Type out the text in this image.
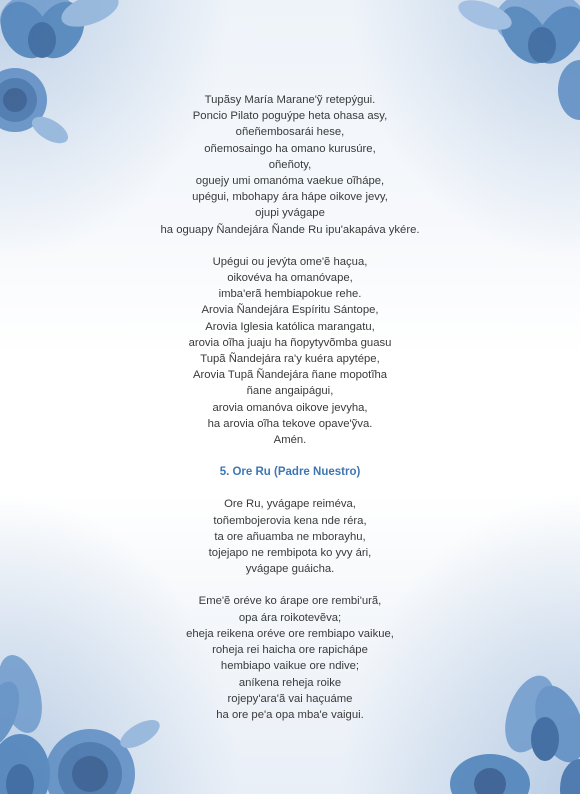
Tupãsy María Marane'ỹ retepýgui.
Poncio Pilato poguýpe heta ohasa asy,
oñeñembosarái hese,
oñemosaingo ha omano kurusúre,
oñeñoty,
oguejy umi omanóma vaekue oĩhápe,
upégui, mbohapy ára hápe oikove jevy,
ojupi yvágape
ha oguapy Ñandejára Ñande Ru ipu'akapáva ykére.
Upégui ou jevýta ome'ẽ haçua,
oikovéva ha omanóvape,
imba'erã hembiapokue rehe.
Arovia Ñandejára Espíritu Sántope,
Arovia Iglesia katólica marangatu,
arovia oĩha juaju ha ñopytyvõmba guasu
Tupã Ñandejára ra'y kuéra apytépe,
Arovia Tupã Ñandejára ñane mopotĩha
ñane angaipágui,
arovia omanóva oikove jevyha,
ha arovia oĩha tekove opave'ỹva.
Amén.
5. Ore Ru (Padre Nuestro)
Ore Ru, yvágape reiméva,
toñembojerovia kena nde réra,
ta ore añuamba ne mborayhu,
tojejapo ne rembipota ko yvy ári,
yvágape guáicha.
Eme'ẽ oréve ko árape ore rembi'urã,
opa ára roikotevẽva;
eheja reikena oréve ore rembiapo vaikue,
roheja rei haicha ore rapichápe
hembiapo vaikue ore ndive;
aníkena reheja roike
rojepy'ara'ã vai haçuáme
ha ore pe'a opa mba'e vaigui.
